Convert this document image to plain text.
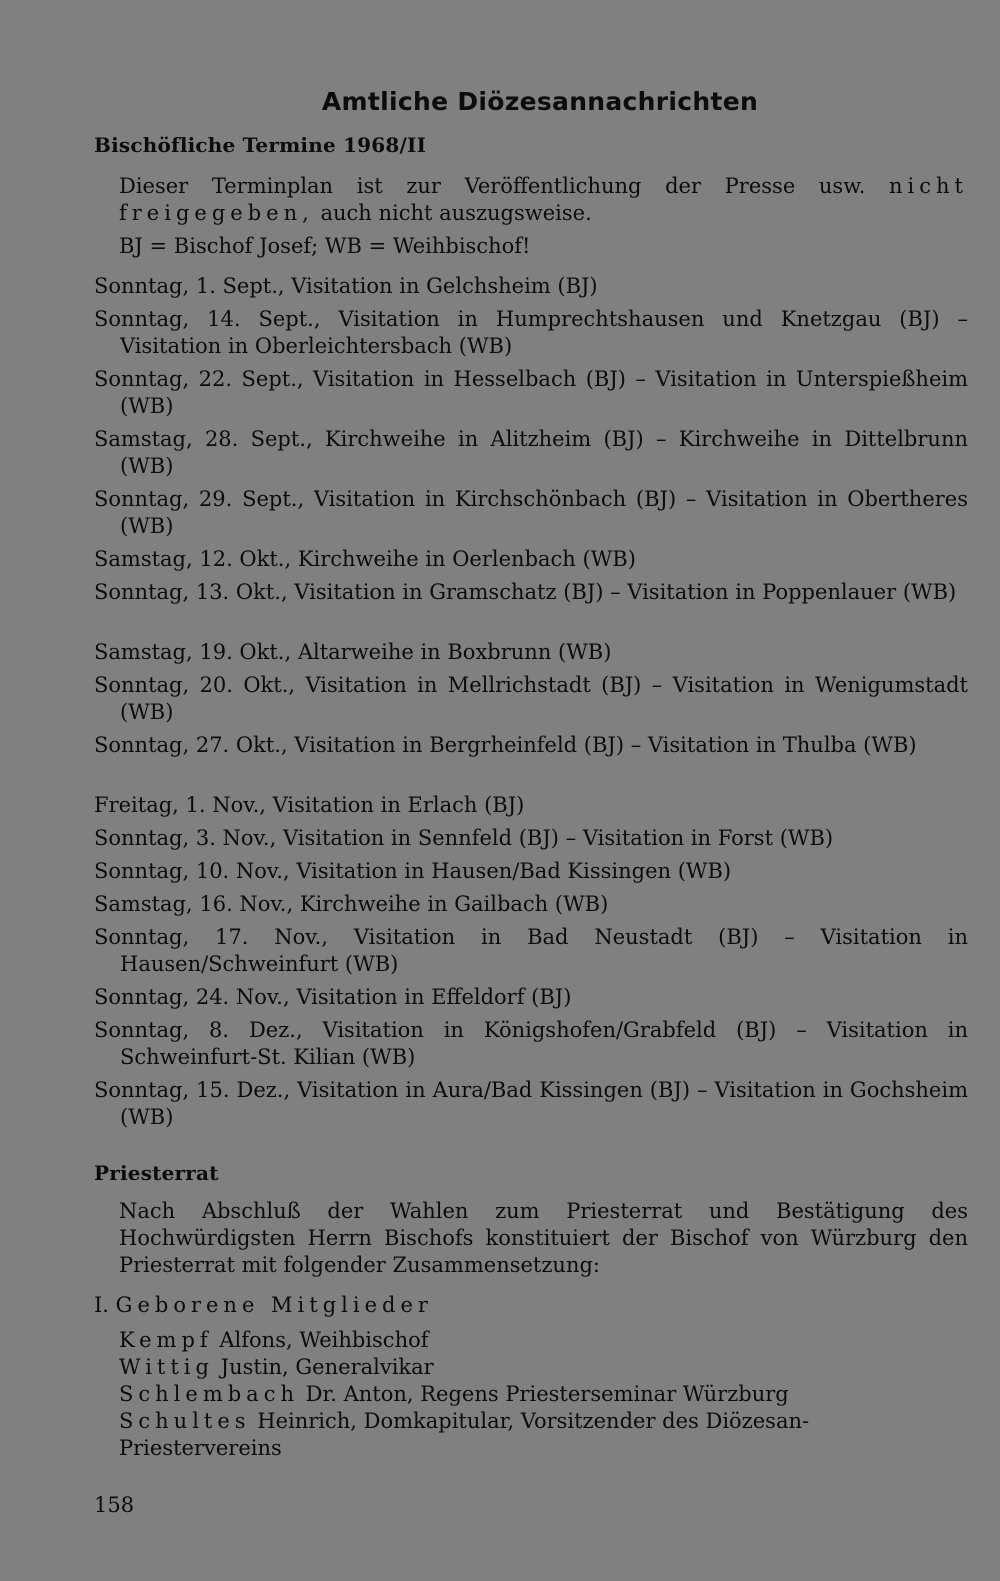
Amtliche Diözesannachrichten
Bischöfliche Termine 1968/II
Dieser Terminplan ist zur Veröffentlichung der Presse usw. nicht freigegeben, auch nicht auszugsweise.
BJ = Bischof Josef; WB = Weihbischof!
Sonntag, 1. Sept., Visitation in Gelchsheim (BJ)
Sonntag, 14. Sept., Visitation in Humprechtshausen und Knetzgau (BJ) – Visitation in Oberleichtersbach (WB)
Sonntag, 22. Sept., Visitation in Hesselbach (BJ) – Visitation in Unterspießheim (WB)
Samstag, 28. Sept., Kirchweihe in Alitzheim (BJ) – Kirchweihe in Dittelbrunn (WB)
Sonntag, 29. Sept., Visitation in Kirchschönbach (BJ) – Visitation in Obertheres (WB)
Samstag, 12. Okt., Kirchweihe in Oerlenbach (WB)
Sonntag, 13. Okt., Visitation in Gramschatz (BJ) – Visitation in Poppenlauer (WB)
Samstag, 19. Okt., Altarweihe in Boxbrunn (WB)
Sonntag, 20. Okt., Visitation in Mellrichstadt (BJ) – Visitation in Wenigumstadt (WB)
Sonntag, 27. Okt., Visitation in Bergrheinfeld (BJ) – Visitation in Thulba (WB)
Freitag, 1. Nov., Visitation in Erlach (BJ)
Sonntag, 3. Nov., Visitation in Sennfeld (BJ) – Visitation in Forst (WB)
Sonntag, 10. Nov., Visitation in Hausen/Bad Kissingen (WB)
Samstag, 16. Nov., Kirchweihe in Gailbach (WB)
Sonntag, 17. Nov., Visitation in Bad Neustadt (BJ) – Visitation in Hausen/Schweinfurt (WB)
Sonntag, 24. Nov., Visitation in Effeldorf (BJ)
Sonntag, 8. Dez., Visitation in Königshofen/Grabfeld (BJ) – Visitation in Schweinfurt-St. Kilian (WB)
Sonntag, 15. Dez., Visitation in Aura/Bad Kissingen (BJ) – Visitation in Gochsheim (WB)
Priesterrat
Nach Abschluß der Wahlen zum Priesterrat und Bestätigung des Hochwürdigsten Herrn Bischofs konstituiert der Bischof von Würzburg den Priesterrat mit folgender Zusammensetzung:
I. Geborene Mitglieder
Kempf Alfons, Weihbischof
Wittig Justin, Generalvikar
Schlembach Dr. Anton, Regens Priesterseminar Würzburg
Schultes Heinrich, Domkapitular, Vorsitzender des Diözesan-Priestervereins
158
